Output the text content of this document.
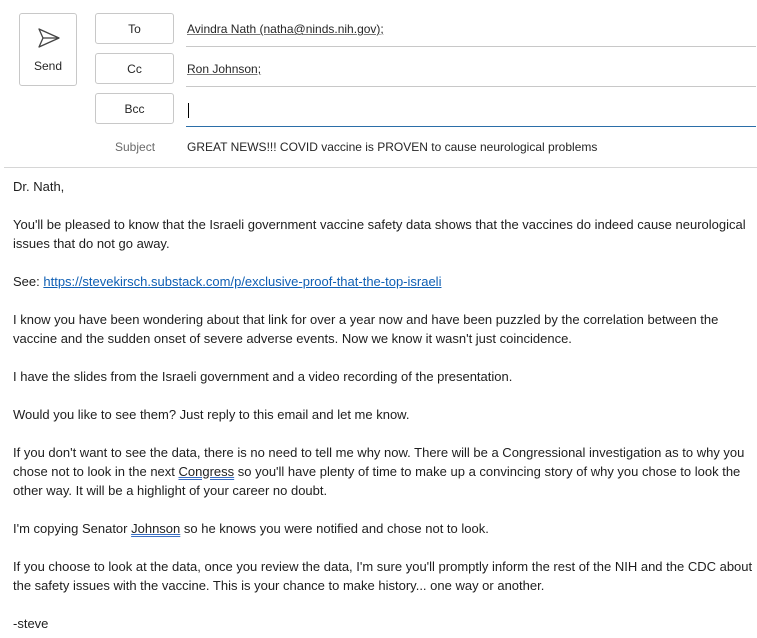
Send
To	Avindra Nath (natha@ninds.nih.gov);
Cc	Ron Johnson;
Bcc
Subject	GREAT NEWS!!! COVID vaccine is PROVEN to cause neurological problems

Dr. Nath,

You'll be pleased to know that the Israeli government vaccine safety data shows that the vaccines do indeed cause neurological issues that do not go away.

See: https://stevekirsch.substack.com/p/exclusive-proof-that-the-top-israeli

I know you have been wondering about that link for over a year now and have been puzzled by the correlation between the vaccine and the sudden onset of severe adverse events. Now we know it wasn't just coincidence.

I have the slides from the Israeli government and a video recording of the presentation.

Would you like to see them? Just reply to this email and let me know.

If you don't want to see the data, there is no need to tell me why now. There will be a Congressional investigation as to why you chose not to look in the next Congress so you'll have plenty of time to make up a convincing story of why you chose to look the other way. It will be a highlight of your career no doubt.

I'm copying Senator Johnson so he knows you were notified and chose not to look.

If you choose to look at the data, once you review the data, I'm sure you'll promptly inform the rest of the NIH and the CDC about the safety issues with the vaccine. This is your chance to make history... one way or another.

-steve
